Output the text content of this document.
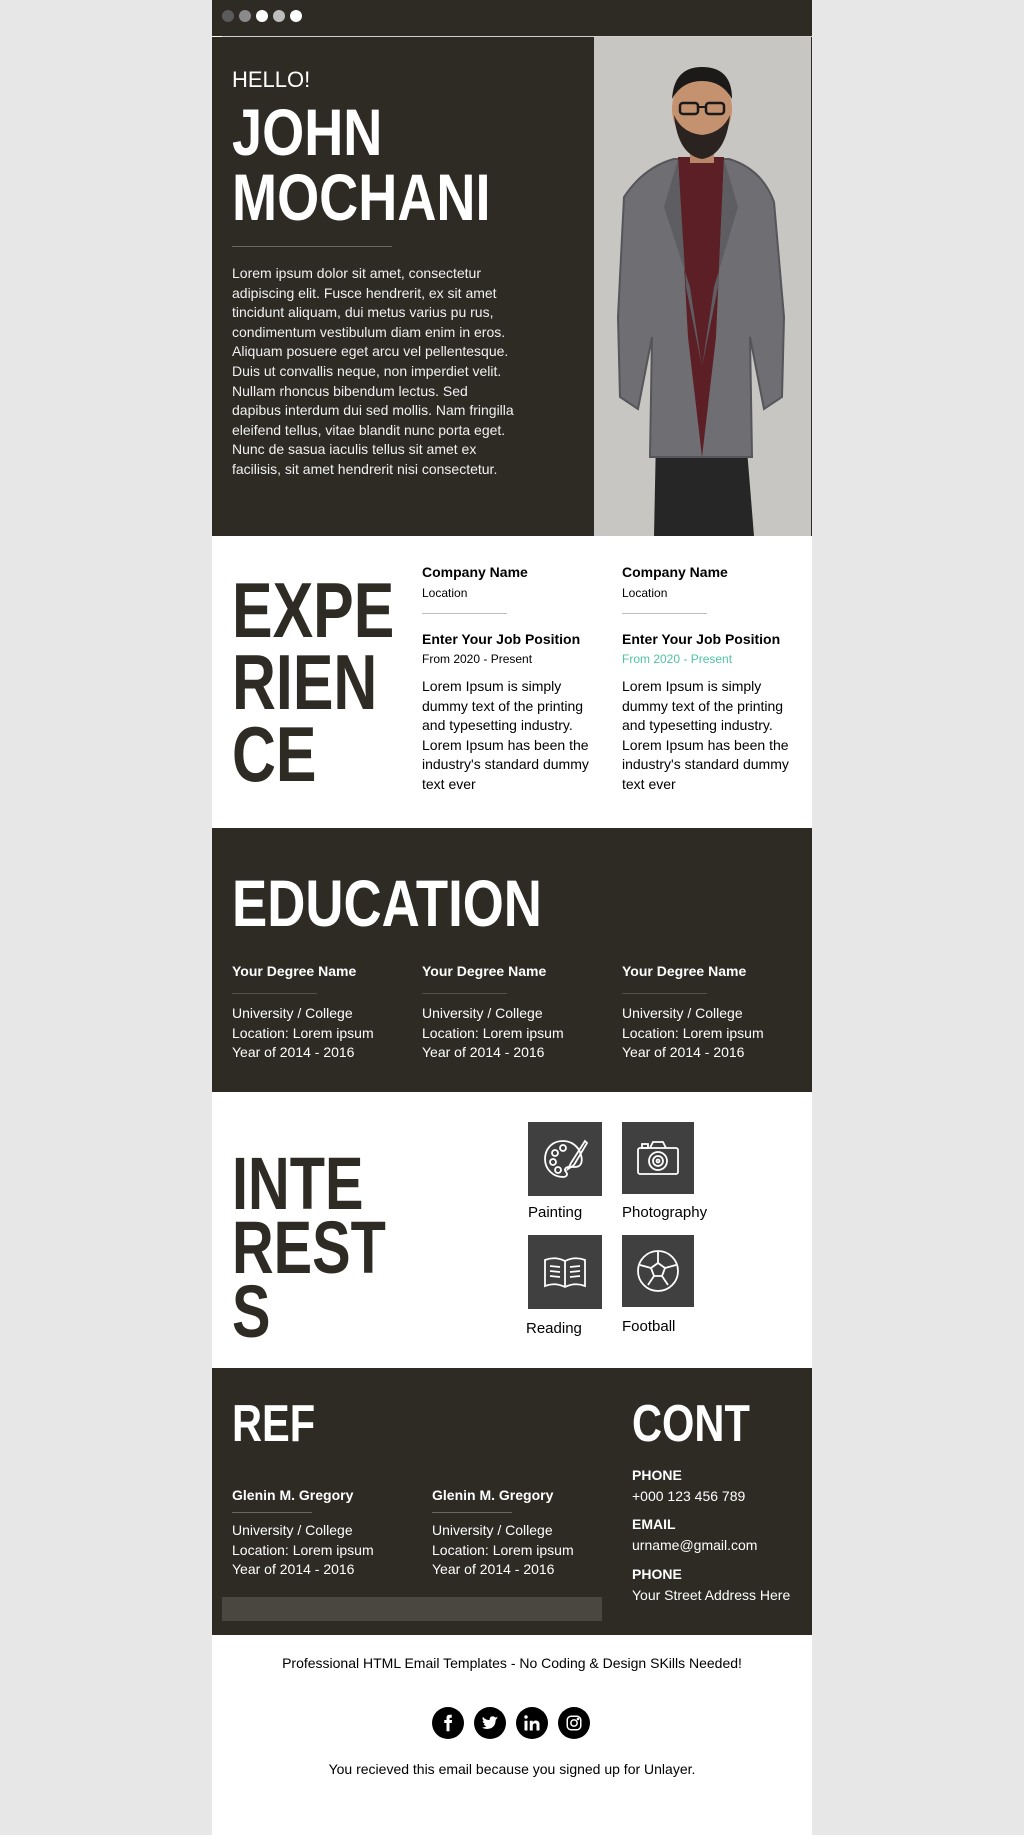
HELLO!
JOHN
MOCHANI
Lorem ipsum dolor sit amet, consectetur adipiscing elit. Fusce hendrerit, ex sit amet tincidunt aliquam, dui metus varius pu rus, condimentum vestibulum diam enim in eros. Aliquam posuere eget arcu vel pellentesque. Duis ut convallis neque, non imperdiet velit. Nullam rhoncus bibendum lectus. Sed dapibus interdum dui sed mollis. Nam fringilla eleifend tellus, vitae blandit nunc porta eget. Nunc de sasua iaculis tellus sit amet ex facilisis, sit amet hendrerit nisi consectetur.
EXPE
RIEN
CE
Company Name
Location
Enter Your Job Position
From 2020 - Present
Lorem Ipsum is simply dummy text of the printing and typesetting industry. Lorem Ipsum has been the industry's standard dummy text ever
Company Name
Location
Enter Your Job Position
From 2020 - Present
Lorem Ipsum is simply dummy text of the printing and typesetting industry. Lorem Ipsum has been the industry's standard dummy text ever
EDUCATION
Your Degree Name
University / College
Location: Lorem ipsum
Year of 2014 - 2016
Your Degree Name
University / College
Location: Lorem ipsum
Year of 2014 - 2016
Your Degree Name
University / College
Location: Lorem ipsum
Year of 2014 - 2016
INTE
REST
S
Painting	Photography
Reading	Football
REF
Glenin M. Gregory
University / College
Location: Lorem ipsum
Year of 2014 - 2016
Glenin M. Gregory
University / College
Location: Lorem ipsum
Year of 2014 - 2016
CONT
PHONE
+000 123 456 789
EMAIL
urname@gmail.com
PHONE
Your Street Address Here
Professional HTML Email Templates - No Coding & Design SKills Needed!
You recieved this email because you signed up for Unlayer.
